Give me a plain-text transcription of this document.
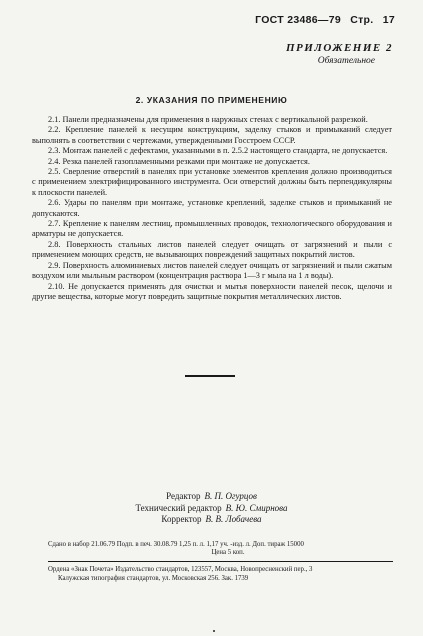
ГОСТ 23486—79 Стр. 17
ПРИЛОЖЕНИЕ 2
Обязательное
2. УКАЗАНИЯ ПО ПРИМЕНЕНИЮ

2.1. Панели предназначены для применения в наружных стенах с вертикальной разрезкой.

2.2. Крепление панелей к несущим конструкциям, заделку стыков и примыканий следует выполнять в соответствии с чертежами, утвержденными Госстроем СССР.

2.3. Монтаж панелей с дефектами, указанными в п. 2.5.2 настоящего стандарта, не допускается.

2.4. Резка панелей газопламенными резками при монтаже не допускается.

2.5. Сверление отверстий в панелях при установке элементов крепления должно производиться с применением электрифицированного инструмента. Оси отверстий должны быть перпендикулярны к плоскости панелей.

2.6. Удары по панелям при монтаже, установке креплений, заделке стыков и примыканий не допускаются.

2.7. Крепление к панелям лестниц, промышленных проводок, технологического оборудования и арматуры не допускается.

2.8. Поверхность стальных листов панелей следует очищать от загрязнений и пыли с применением моющих средств, не вызывающих повреждений защитных покрытий листов.

2.9. Поверхность алюминиевых листов панелей следует очищать от загрязнений и пыли сжатым воздухом или мыльным раствором (концентрация раствора 1—3 г мыла на 1 л воды).

2.10. Не допускается применять для очистки и мытья поверхности панелей песок, щелочи и другие вещества, которые могут повредить защитные покрытия металлических листов.

Редактор В. П. Огурцов
Технический редактор В. Ю. Смирнова
Корректор В. В. Лобачева
Сдано в набор 21.06.79 Подп. в печ. 30.08.79 1,25 п. л. 1,17 уч. -изд. л. Доп. тираж 15000
Цена 5 коп.
Ордена «Знак Почета» Издательство стандартов, 123557, Москва, Новопресненский пер., 3
Калужская типография стандартов, ул. Московская 256. Зак. 1739
